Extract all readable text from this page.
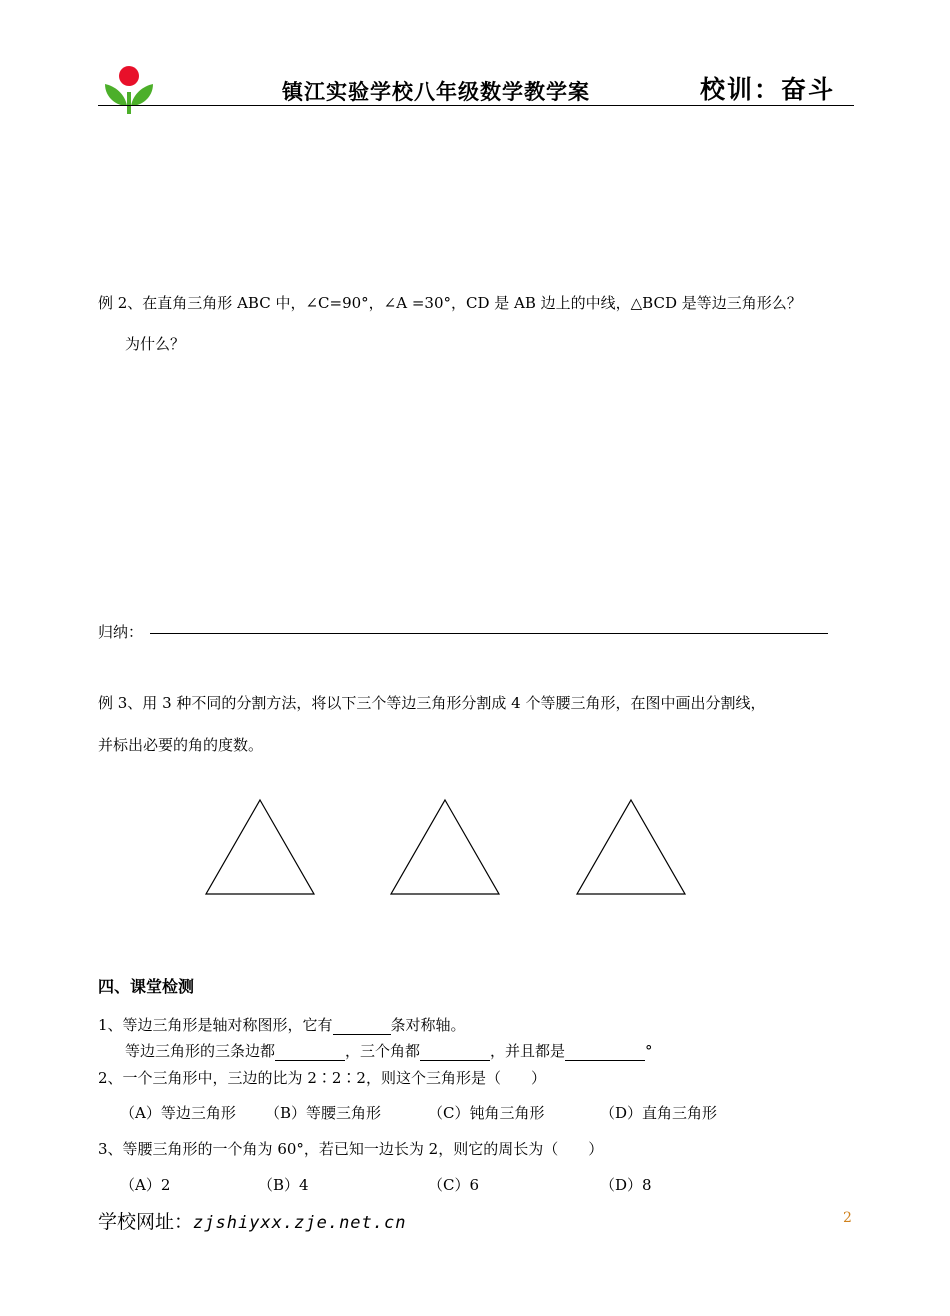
镇江实验学校八年级数学教学案	校训：奋斗
例 2、在直角三角形 ABC 中，∠C=90°，∠A =30°，CD 是 AB 边上的中线，△BCD 是等边三角形么？
为什么？
归纳：
例 3、用 3 种不同的分割方法，将以下三个等边三角形分割成 4 个等腰三角形，在图中画出分割线，
并标出必要的角的度数。
四、课堂检测
1、等边三角形是轴对称图形，它有	条对称轴。
等边三角形的三条边都	，三个角都	，并且都是	°
2、一个三角形中，三边的比为 2∶2∶2，则这个三角形是（　　）
（A）等边三角形 （B）等腰三角形	（C）钝角三角形	（D）直角三角形
3、等腰三角形的一个角为 60°，若已知一边长为 2，则它的周长为（　　）
（A）2	（B）4	（C）6	（D）8
学校网址：zjshiyxx.zje.net.cn	2
